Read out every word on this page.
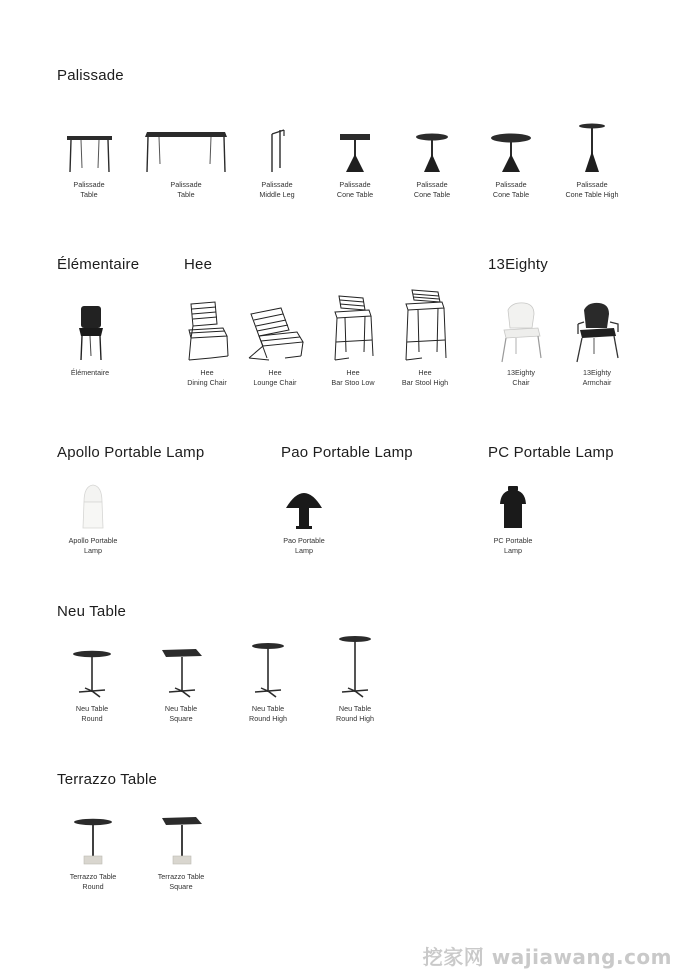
Palissade
Palissade
Table
Palissade
Table
Palissade
Middle Leg
Palissade
Cone Table
Palissade
Cone Table
Palissade
Cone Table
Palissade
Cone Table High
Élémentaire	Hee	13Eighty
Élémentaire	Hee
Dining Chair
Hee
Lounge Chair
Hee
Bar Stoo Low
Hee
Bar Stool High
13Eighty
Chair
13Eighty
Armchair
Apollo Portable Lamp	Pao Portable Lamp	PC Portable Lamp
Apollo Portable
Lamp
Pao Portable
Lamp
PC Portable
Lamp
Neu Table
Neu Table
Round
Neu Table
Square
Neu Table
Round High
Neu Table
Round High
Terrazzo Table
Terrazzo Table
Round
Terrazzo Table
Square
挖家网 wajiawang.com
